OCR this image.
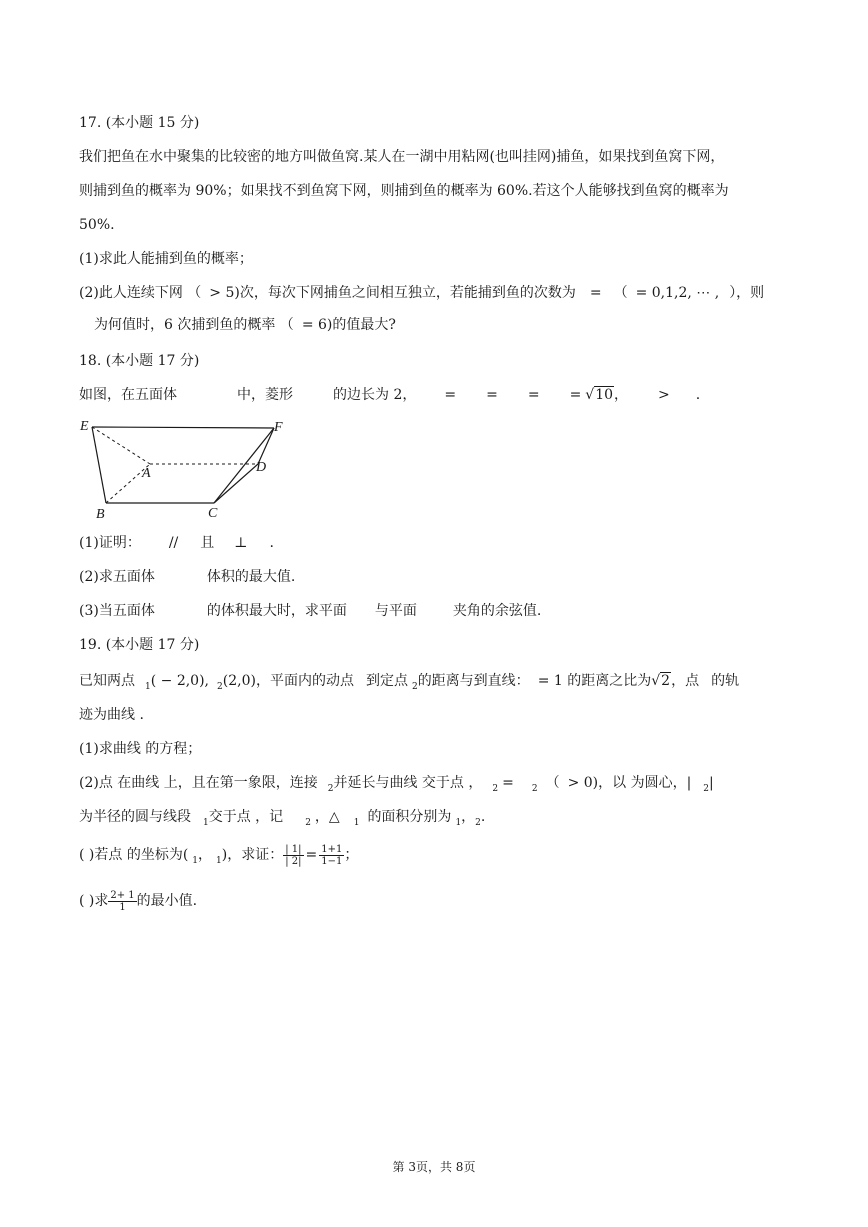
17. (本小题 15 分)
我们把鱼在水中聚集的比较密的地方叫做鱼窝.某人在一湖中用粘网(也叫挂网)捕鱼，如果找到鱼窝下网，
则捕到鱼的概率为 90%；如果找不到鱼窝下网，则捕到鱼的概率为 60%.若这个人能够找到鱼窝的概率为
50%.
(1)求此人能捕到鱼的概率；
(2)此人连续下网 （ > 5)次，每次下网捕鱼之间相互独立，若能捕到鱼的次数为 = （ = 0,1,2, ⋯ , ），则
为何值时，6 次捕到鱼的概率 （ = 6)的值最大?
18. (本小题 17 分)
如图，在五面体	中，菱形	的边长为 2， = = = = √10， > .
E	F
A	D
B	C
(1)证明： // 且 ⊥ .
(2)求五面体	体积的最大值.
(3)当五面体	的体积最大时，求平面 与平面	夹角的余弦值.
19. (本小题 17 分)
已知两点 $_1$( − 2,0), $_2$(2,0)，平面内的动点 到定点 $_2$的距离与到直线： = 1 的距离之比为√2，点 的轨
迹为曲线 .
(1)求曲线 的方程；
(2)点 在曲线 上，且在第一象限，连接 $_2$并延长与曲线 交于点 ， $_2$ = $_2$ （ > 0)，以 为圆心，| $_2$|
为半径的圆与线段 $_1$交于点 ，记 $_2$ ，△ $_1$ 的面积分别为 $_1$，$_2$.
( )若点 的坐标为( $_1$， $_1$)，求证： $\frac{| 1|}{| 2|} = \frac{1+1}{1-1}$ ；
( )求 $\frac{2+ 1}{1}$ 的最小值.
第 3页，共 8页
